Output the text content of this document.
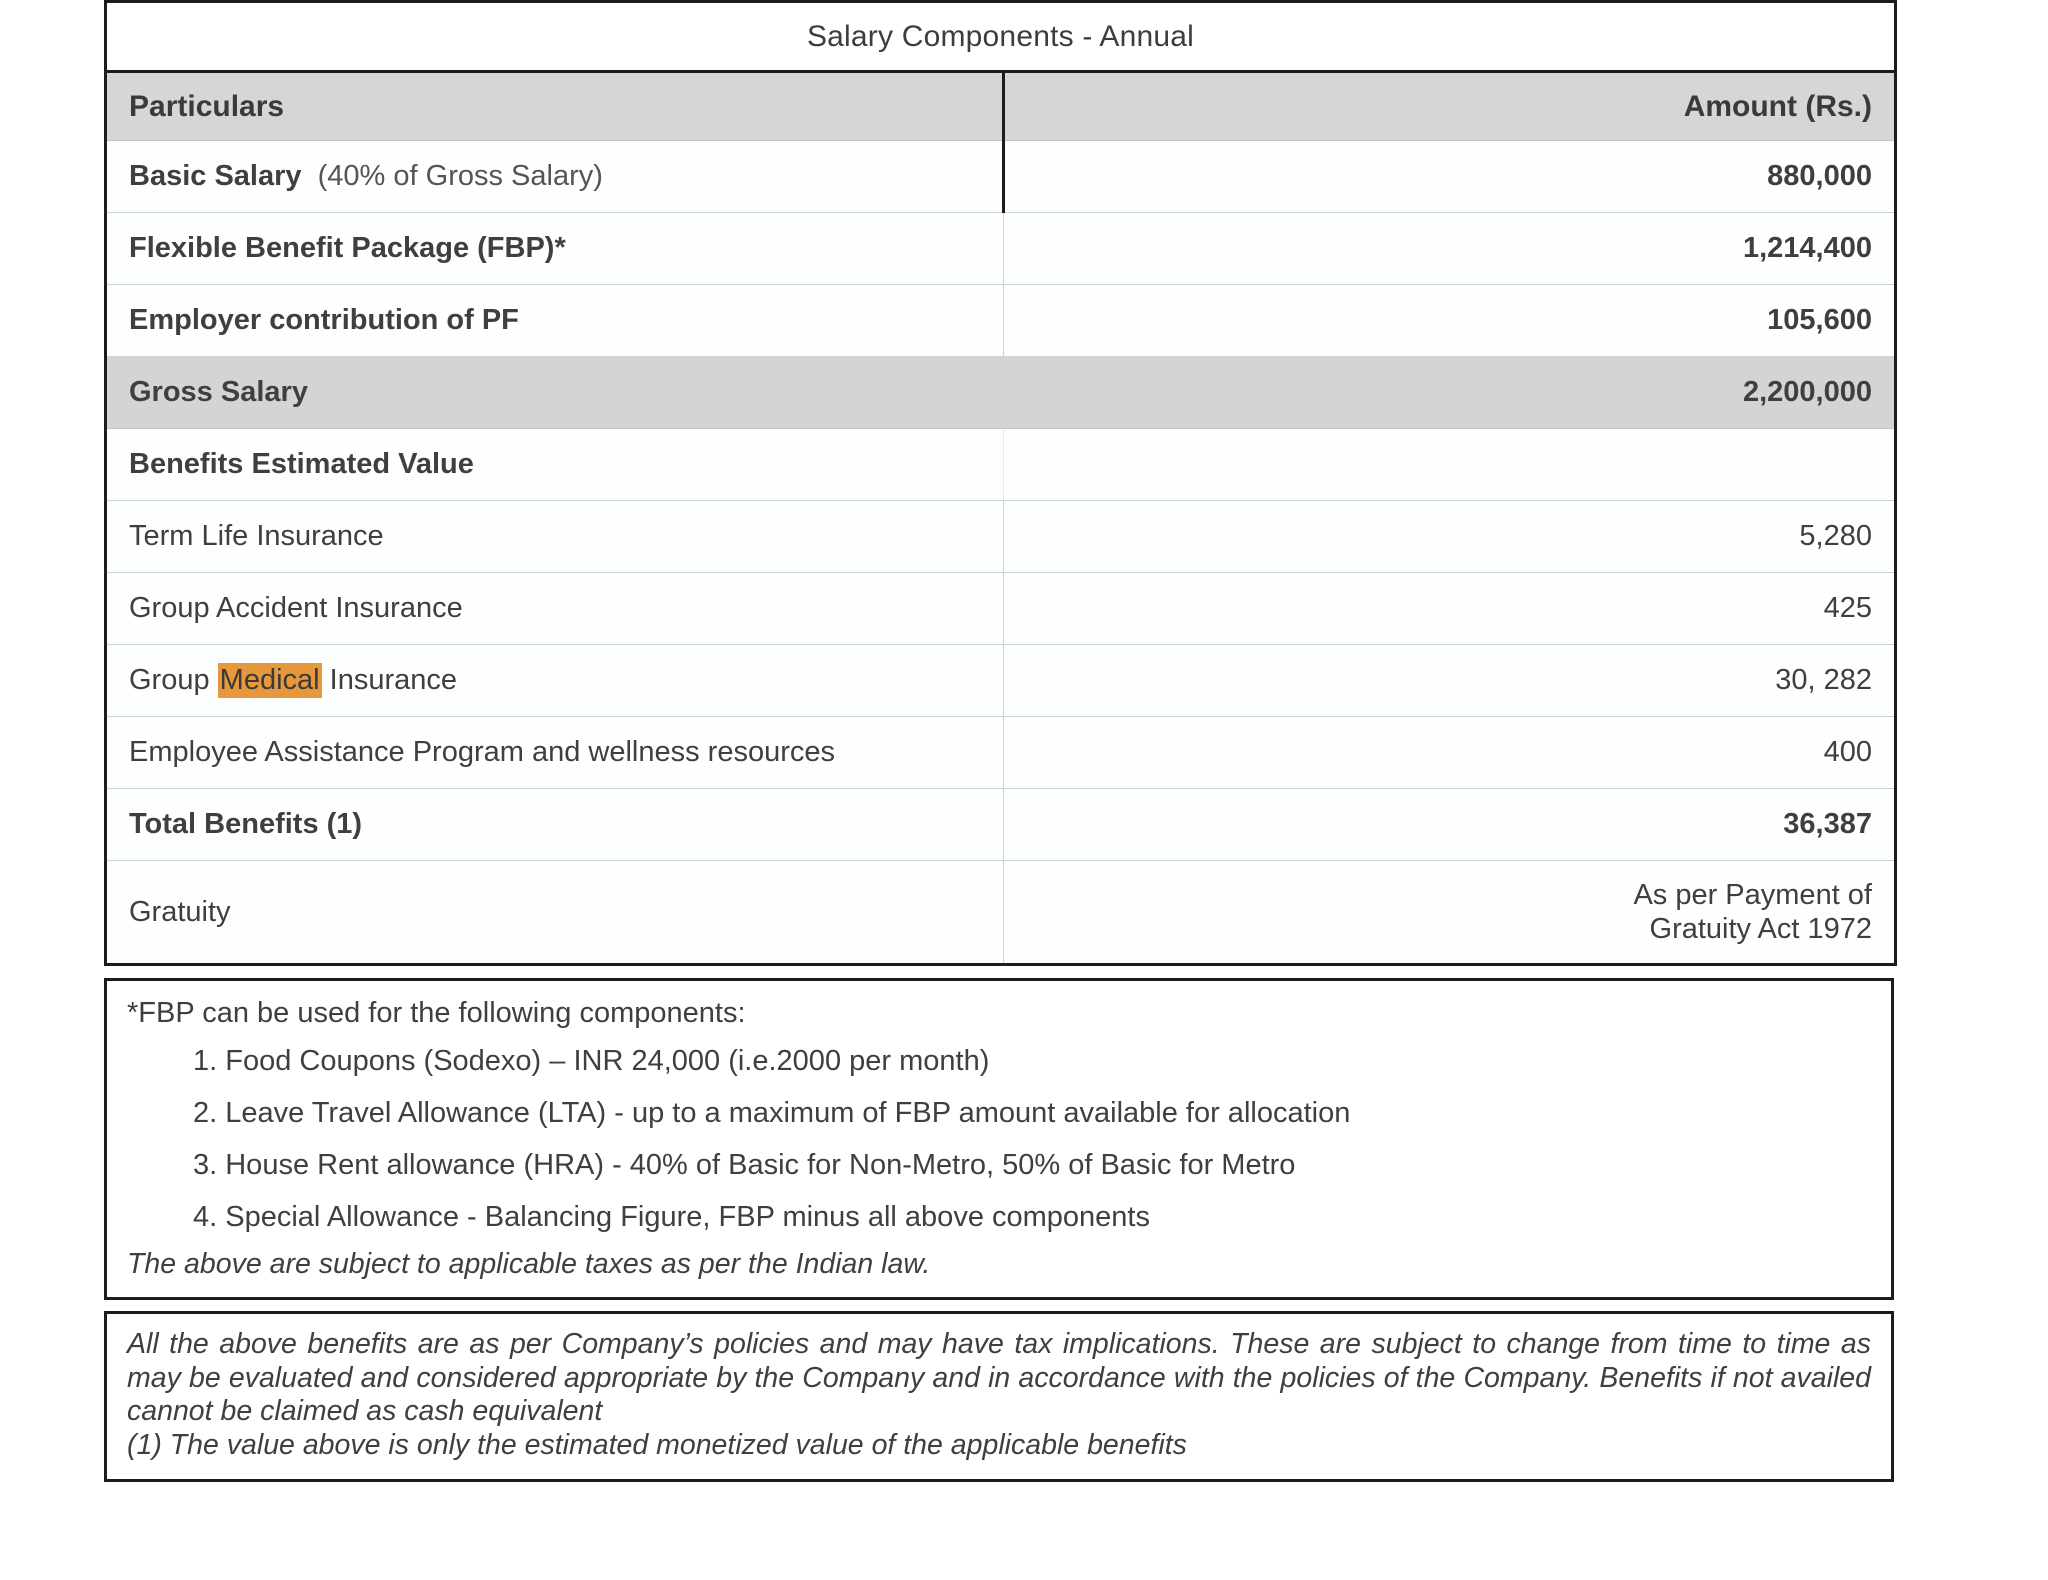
Salary Components - Annual	
Particulars	Amount (Rs.)
Basic Salary (40% of Gross Salary)	880,000
Flexible Benefit Package (FBP)*	1,214,400
Employer contribution of PF	105,600
Gross Salary	2,200,000
Benefits Estimated Value	
Term Life Insurance	5,280
Group Accident Insurance	425
Group Medical Insurance	30, 282
Employee Assistance Program and wellness resources	400
Total Benefits (1)	36,387
Gratuity	As per Payment of
Gratuity Act 1972

*FBP can be used for the following components:

1. Food Coupons (Sodexo) – INR 24,000 (i.e.2000 per month)
2. Leave Travel Allowance (LTA) - up to a maximum of FBP amount available for allocation
3. House Rent allowance (HRA) - 40% of Basic for Non-Metro, 50% of Basic for Metro
4. Special Allowance - Balancing Figure, FBP minus all above components

The above are subject to applicable taxes as per the Indian law.

All the above benefits are as per Company’s policies and may have tax implications. These are subject to change from time to time as may be evaluated and considered appropriate by the Company and in accordance with the policies of the Company. Benefits if not availed cannot be claimed as cash equivalent

(1) The value above is only the estimated monetized value of the applicable benefits
